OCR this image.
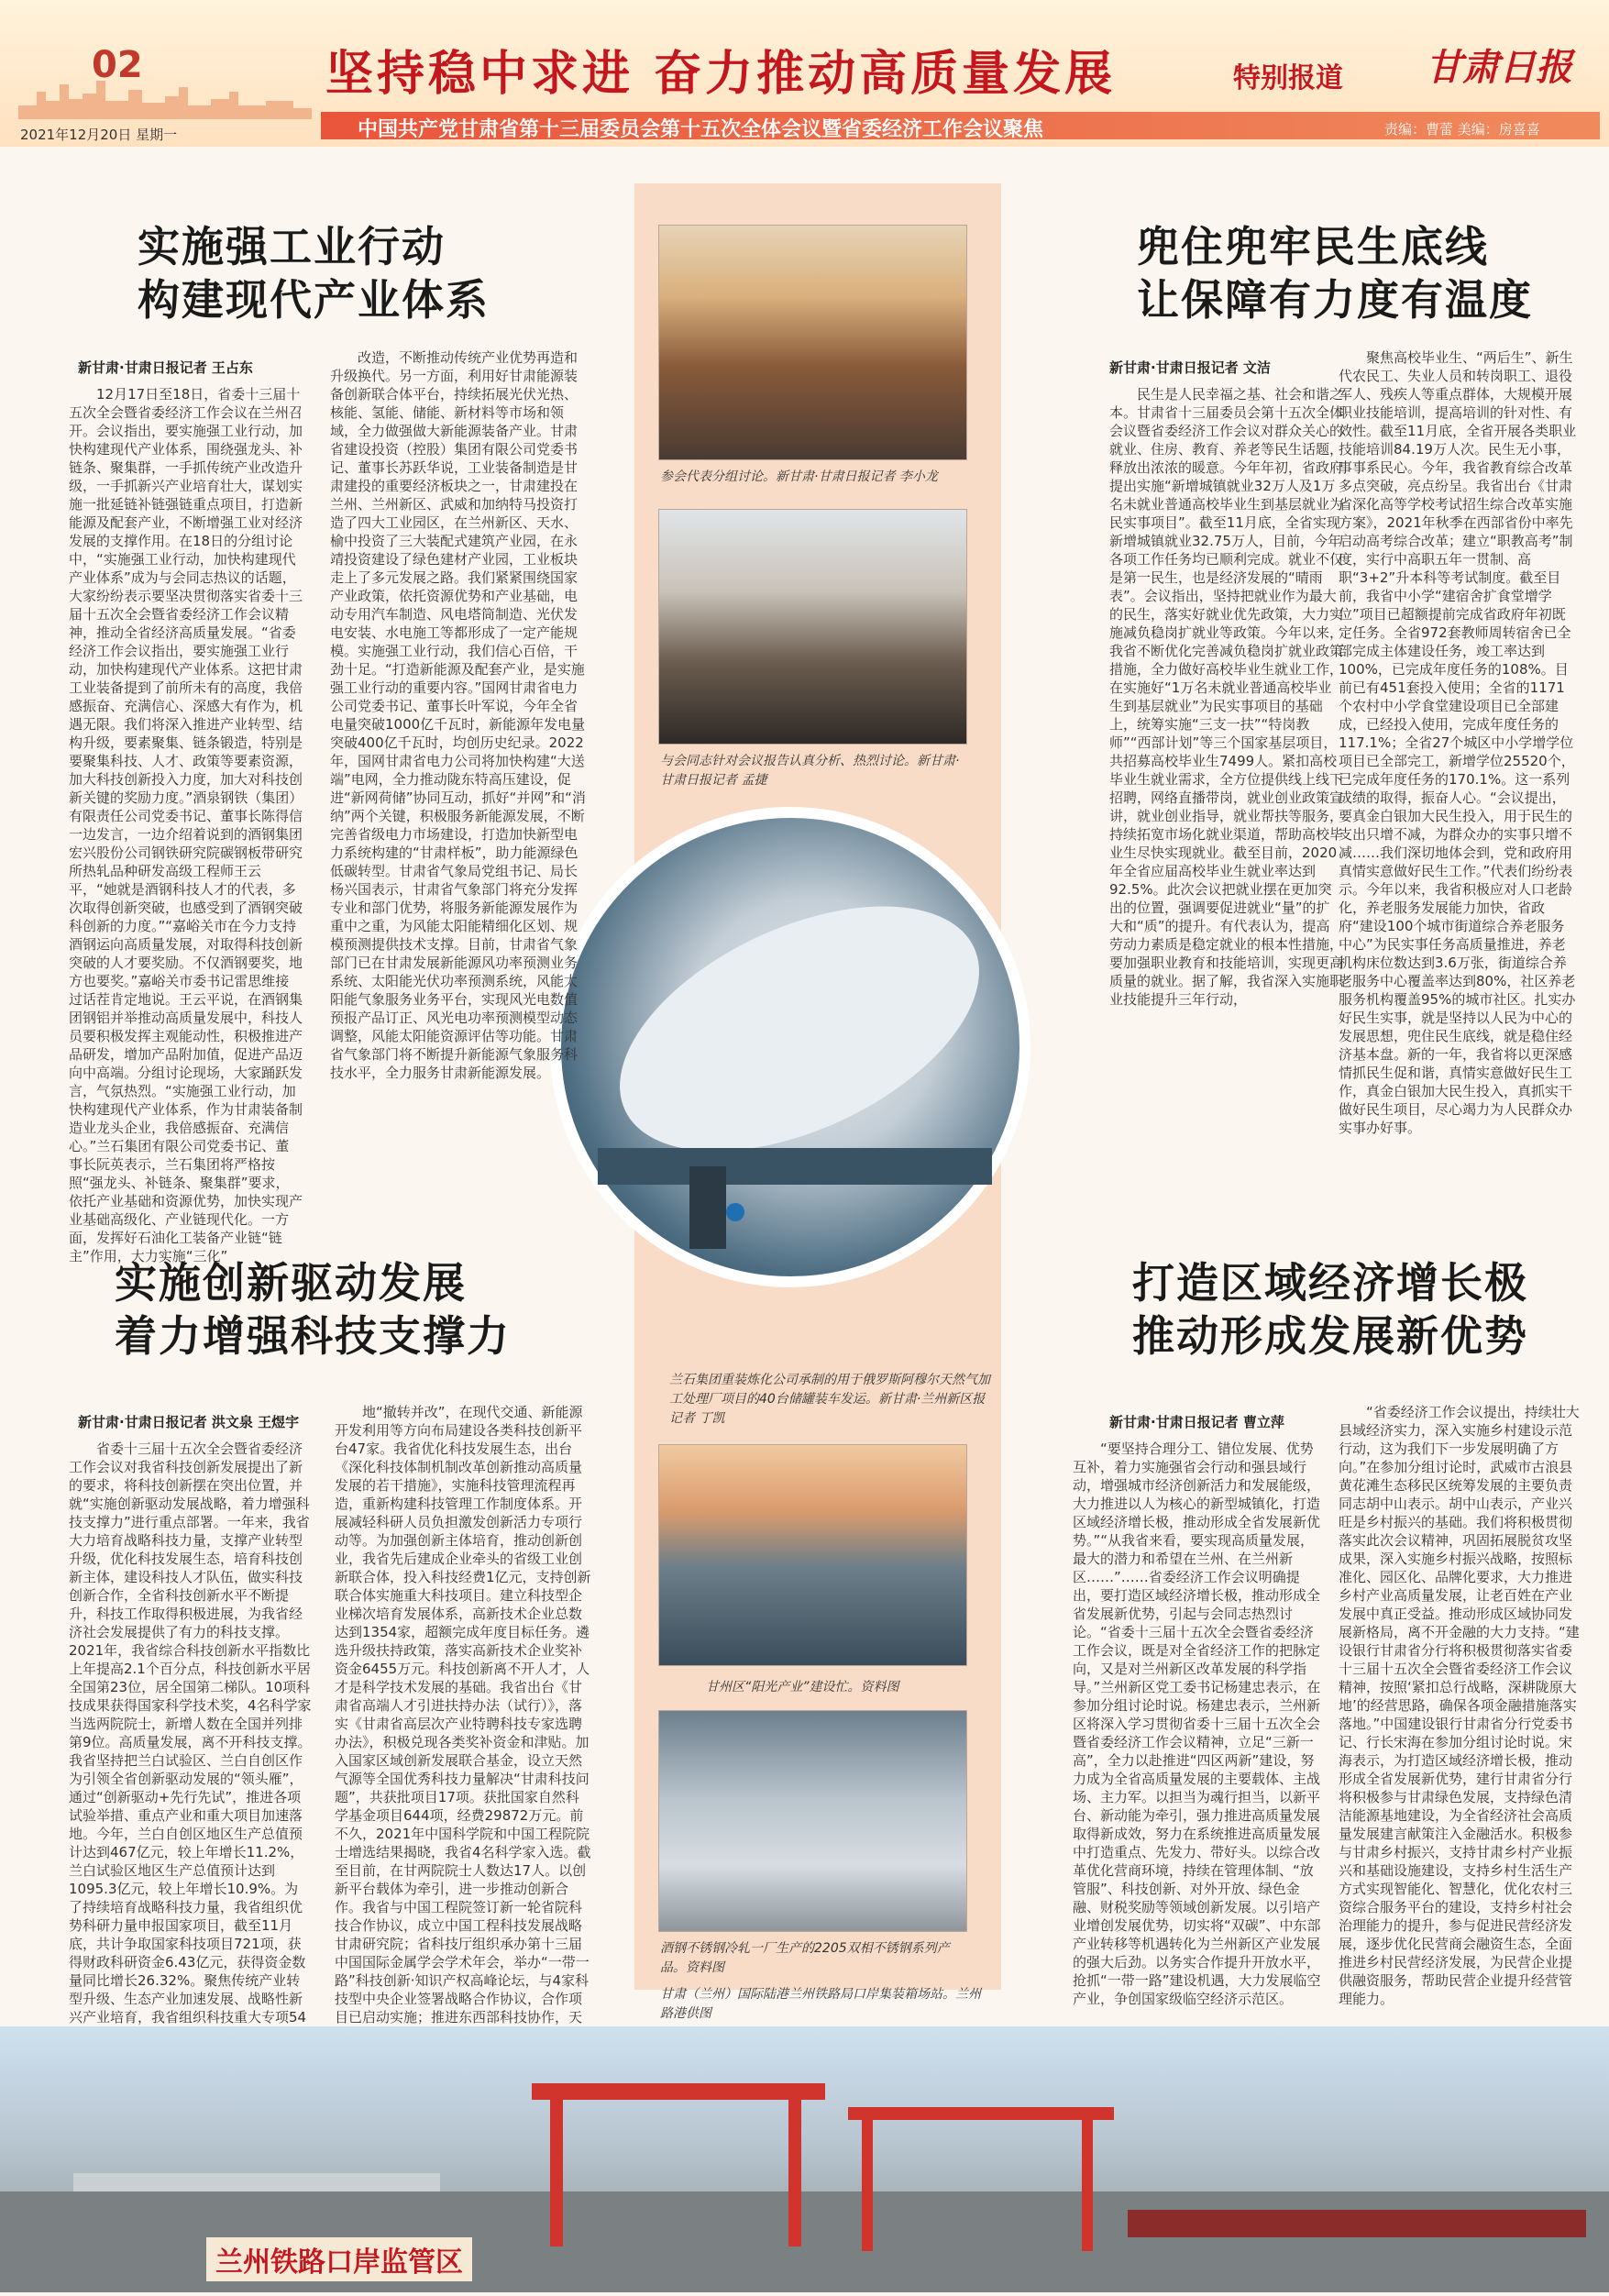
02	坚持稳中求进 奋力推动高质量发展	特别报道 甘肃日报
中国共产党甘肃省第十三届委员会第十五次全体会议暨省委经济工作会议聚焦
2021年12月20日 星期一	责编：曹蕾 美编：房喜喜
参会代表分组讨论。新甘肃·甘肃日报记者 李小龙
与会同志针对会议报告认真分析、热烈讨论。新甘肃·甘肃日报记者 孟捷
兰石集团重装炼化公司承制的用于俄罗斯阿穆尔天然气加工处理厂项目的40台储罐装车发运。新甘肃·兰州新区报记者 丁凯
甘州区“阳光产业”建设忙。资料图
酒钢不锈钢冷轧一厂生产的2205双相不锈钢系列产品。资料图
甘肃（兰州）国际陆港兰州铁路局口岸集装箱场站。兰州路港供图
实施强工业行动
构建现代产业体系
新甘肃·甘肃日报记者 王占东

12月17日至18日，省委十三届十五次全会暨省委经济工作会议在兰州召开。会议指出，要实施强工业行动，加快构建现代产业体系，围绕强龙头、补链条、聚集群，一手抓传统产业改造升级，一手抓新兴产业培育壮大，谋划实施一批延链补链强链重点项目，打造新能源及配套产业，不断增强工业对经济发展的支撑作用。在18日的分组讨论中，“实施强工业行动，加快构建现代产业体系”成为与会同志热议的话题，大家纷纷表示要坚决贯彻落实省委十三届十五次全会暨省委经济工作会议精神，推动全省经济高质量发展。“省委经济工作会议指出，要实施强工业行动，加快构建现代产业体系。这把甘肃工业装备提到了前所未有的高度，我倍感振奋、充满信心、深感大有作为，机遇无限。我们将深入推进产业转型、结构升级，要素聚集、链条锻造，特别是要聚集科技、人才、政策等要素资源，加大科技创新投入力度，加大对科技创新关键的奖励力度。”酒泉钢铁（集团）有限责任公司党委书记、董事长陈得信一边发言，一边介绍着说到的酒钢集团宏兴股份公司钢铁研究院碳钢板带研究所热轧品种研发高级工程师王云平，“她就是酒钢科技人才的代表，多次取得创新突破，也感受到了酒钢突破科创新的力度。”“嘉峪关市在今力支持酒钢运向高质量发展，对取得科技创新突破的人才要奖励。不仅酒钢要奖，地方也要奖。”嘉峪关市委书记雷思维接过话茬肯定地说。王云平说，在酒钢集团钢铝并举推动高质量发展中，科技人员要积极发挥主观能动性，积极推进产品研发，增加产品附加值，促进产品迈向中高端。分组讨论现场，大家踊跃发言，气氛热烈。“实施强工业行动，加快构建现代产业体系，作为甘肃装备制造业龙头企业，我倍感振奋、充满信心。”兰石集团有限公司党委书记、董事长阮英表示，兰石集团将严格按照“强龙头、补链条、聚集群”要求，依托产业基础和资源优势，加快实现产业基础高级化、产业链现代化。一方面，发挥好石油化工装备产业链“链主”作用，大力实施“三化”

改造，不断推动传统产业优势再造和升级换代。另一方面，利用好甘肃能源装备创新联合体平台，持续拓展光伏光热、核能、氢能、储能、新材料等市场和领域，全力做强做大新能源装备产业。甘肃省建设投资（控股）集团有限公司党委书记、董事长苏跃华说，工业装备制造是甘肃建投的重要经济板块之一，甘肃建投在兰州、兰州新区、武威和加纳特马投资打造了四大工业园区，在兰州新区、天水、榆中投资了三大装配式建筑产业园，在永靖投资建设了绿色建材产业园，工业板块走上了多元发展之路。我们紧紧围绕国家产业政策，依托资源优势和产业基础，电动专用汽车制造、风电塔筒制造、光伏发电安装、水电施工等都形成了一定产能规模。实施强工业行动，我们信心百倍，干劲十足。“打造新能源及配套产业，是实施强工业行动的重要内容。”国网甘肃省电力公司党委书记、董事长叶军说，今年全省电量突破1000亿千瓦时，新能源年发电量突破400亿千瓦时，均创历史纪录。2022年，国网甘肃省电力公司将加快构建“大送端”电网，全力推动陇东特高压建设，促进“新网荷储”协同互动，抓好“并网”和“消纳”两个关键，积极服务新能源发展，不断完善省级电力市场建设，打造加快新型电力系统构建的“甘肃样板”，助力能源绿色低碳转型。甘肃省气象局党组书记、局长杨兴国表示，甘肃省气象部门将充分发挥专业和部门优势，将服务新能源发展作为重中之重，为风能太阳能精细化区划、规模预测提供技术支撑。目前，甘肃省气象部门已在甘肃发展新能源风功率预测业务系统、太阳能光伏功率预测系统，风能太阳能气象服务业务平台，实现风光电数值预报产品订正、风光电功率预测模型动态调整，风能太阳能资源评估等功能。甘肃省气象部门将不断提升新能源气象服务科技水平，全力服务甘肃新能源发展。

兜住兜牢民生底线
让保障有力度有温度
新甘肃·甘肃日报记者 文洁

民生是人民幸福之基、社会和谐之本。甘肃省十三届委员会第十五次全体会议暨省委经济工作会议对群众关心的就业、住房、教育、养老等民生话题，释放出浓浓的暖意。今年年初，省政府提出实施“新增城镇就业32万人及1万名未就业普通高校毕业生到基层就业为民实事项目”。截至11月底，全省实现新增城镇就业32.75万人，目前，今年各项工作任务均已顺利完成。就业不仅是第一民生，也是经济发展的“晴雨表”。会议指出，坚持把就业作为最大的民生，落实好就业优先政策，大力实施减负稳岗扩就业等政策。今年以来，我省不断优化完善减负稳岗扩就业政策措施，全力做好高校毕业生就业工作，在实施好“1万名未就业普通高校毕业生到基层就业”为民实事项目的基础上，统筹实施“三支一扶”“特岗教师”“西部计划”等三个国家基层项目，共招募高校毕业生7499人。紧扣高校毕业生就业需求，全方位提供线上线下招聘，网络直播带岗，就业创业政策宣讲，就业创业指导，就业帮扶等服务，持续拓宽市场化就业渠道，帮助高校毕业生尽快实现就业。截至目前，2020年全省应届高校毕业生就业率达到92.5%。此次会议把就业摆在更加突出的位置，强调要促进就业“量”的扩大和“质”的提升。有代表认为，提高劳动力素质是稳定就业的根本性措施，要加强职业教育和技能培训，实现更高质量的就业。据了解，我省深入实施职业技能提升三年行动，

聚焦高校毕业生、“两后生”、新生代农民工、失业人员和转岗职工、退役军人、残疾人等重点群体，大规模开展职业技能培训，提高培训的针对性、有效性。截至11月底，全省开展各类职业技能培训84.19万人次。民生无小事，事事系民心。今年，我省教育综合改革多点突破，亮点纷呈。我省出台《甘肃省深化高等学校考试招生综合改革实施方案》，2021年秋季在西部省份中率先启动高考综合改革；建立“职教高考”制度，实行中高职五年一贯制、高职“3+2”升本科等考试制度。截至目前，我省中小学“建宿舍扩食堂增学位”项目已超额提前完成省政府年初既定任务。全省972套教师周转宿舍已全部完成主体建设任务，竣工率达到100%，已完成年度任务的108%。目前已有451套投入使用；全省的1171个农村中小学食堂建设项目已全部建成，已经投入使用，完成年度任务的117.1%；全省27个城区中小学增学位项目已全部完工，新增学位25520个，已完成年度任务的170.1%。这一系列成绩的取得，振奋人心。“会议提出，要真金白银加大民生投入，用于民生的支出只增不减，为群众办的实事只增不减……我们深切地体会到，党和政府用真情实意做好民生工作。”代表们纷纷表示。今年以来，我省积极应对人口老龄化，养老服务发展能力加快，省政府“建设100个城市街道综合养老服务中心”为民实事任务高质量推进，养老机构床位数达到3.6万张，街道综合养老服务中心覆盖率达到80%，社区养老服务机构覆盖95%的城市社区。扎实办好民生实事，就是坚持以人民为中心的发展思想，兜住民生底线，就是稳住经济基本盘。新的一年，我省将以更深感情抓民生促和谐，真情实意做好民生工作，真金白银加大民生投入，真抓实干做好民生项目，尽心竭力为人民群众办实事办好事。

实施创新驱动发展
着力增强科技支撑力
新甘肃·甘肃日报记者 洪文泉 王煜宇

省委十三届十五次全会暨省委经济工作会议对我省科技创新发展提出了新的要求，将科技创新摆在突出位置，并就“实施创新驱动发展战略，着力增强科技支撑力”进行重点部署。一年来，我省大力培育战略科技力量，支撑产业转型升级，优化科技发展生态，培育科技创新主体，建设科技人才队伍，做实科技创新合作，全省科技创新水平不断提升，科技工作取得积极进展，为我省经济社会发展提供了有力的科技支撑。2021年，我省综合科技创新水平指数比上年提高2.1个百分点，科技创新水平居全国第23位，居全国第二梯队。10项科技成果获得国家科学技术奖，4名科学家当选两院院士，新增人数在全国并列排第9位。高质量发展，离不开科技支撑。我省坚持把兰白试验区、兰白自创区作为引领全省创新驱动发展的“领头雁”，通过“创新驱动+先行先试”，推进各项试验举措、重点产业和重大项目加速落地。今年，兰白自创区地区生产总值预计达到467亿元，较上年增长11.2%，兰白试验区地区生产总值预计达到1095.3亿元，较上年增长10.9%。为了持续培育战略科技力量，我省组织优势科研力量申报国家项目，截至11月底，共计争取国家科技项目721项，获得财政科研资金6.43亿元，获得资金数量同比增长26.32%。聚焦传统产业转型升级、生态产业加速发展、战略性新兴产业培育，我省组织科技重大专项54

地“撤转并改”，在现代交通、新能源开发利用等方向布局建设各类科技创新平台47家。我省优化科技发展生态，出台《深化科技体制机制改革创新推动高质量发展的若干措施》，实施科技管理流程再造，重新构建科技管理工作制度体系。开展减轻科研人员负担激发创新活力专项行动等。为加强创新主体培育，推动创新创业，我省先后建成企业牵头的省级工业创新联合体，投入科技经费1亿元，支持创新联合体实施重大科技项目。建立科技型企业梯次培育发展体系，高新技术企业总数达到1354家，超额完成年度目标任务。遴选升级扶持政策，落实高新技术企业奖补资金6455万元。科技创新离不开人才，人才是科学技术发展的基础。我省出台《甘肃省高端人才引进扶持办法（试行）》，落实《甘肃省高层次产业特聘科技专家选聘办法》，积极兑现各类奖补资金和津贴。加入国家区域创新发展联合基金，设立天然气源等全国优秀科技力量解决“甘肃科技问题”，共获批项目17项。获批国家自然科学基金项目644项，经费29872万元。前不久，2021年中国科学院和中国工程院院士增选结果揭晓，我省4名科学家入选。截至目前，在甘两院院士人数达17人。以创新平台载体为牵引，进一步推动创新合作。我省与中国工程院签订新一轮省院科技合作协议，成立中国工程科技发展战略甘肃研究院；省科技厅组织承办第十三届中国国际金属学会学术年会，举办“一带一路”科技创新·知识产权高峰论坛，与4家科技型中央企业签署战略合作协议，合作项目已启动实施；推进东西部科技协作，天

打造区域经济增长极
推动形成发展新优势
新甘肃·甘肃日报记者 曹立萍

“要坚持合理分工、错位发展、优势互补，着力实施强省会行动和强县域行动，增强城市经济创新活力和发展能级，大力推进以人为核心的新型城镇化，打造区域经济增长极，推动形成全省发展新优势。”“从我省来看，要实现高质量发展，最大的潜力和希望在兰州、在兰州新区……”……省委经济工作会议明确提出，要打造区域经济增长极，推动形成全省发展新优势，引起与会同志热烈讨论。“省委十三届十五次全会暨省委经济工作会议，既是对全省经济工作的把脉定向，又是对兰州新区改革发展的科学指导。”兰州新区党工委书记杨建忠表示，在参加分组讨论时说。杨建忠表示，兰州新区将深入学习贯彻省委十三届十五次全会暨省委经济工作会议精神，立足“三新一高”，全力以赴推进“四区两新”建设，努力成为全省高质量发展的主要载体、主战场、主力军。以担当为魂行担当，以新平台、新动能为牵引，强力推进高质量发展取得新成效，努力在系统推进高质量发展中打造重点、先发力、带好头。以综合改革优化营商环境，持续在管理体制、“放管服”、科技创新、对外开放、绿色金融、财税奖励等领域创新发展。以引培产业增创发展优势，切实将“双碳”、中东部产业转移等机遇转化为兰州新区产业发展的强大后劲。以务实合作提升开放水平，抢抓“一带一路”建设机遇，大力发展临空产业，争创国家级临空经济示范区。

“省委经济工作会议提出，持续壮大县域经济实力，深入实施乡村建设示范行动，这为我们下一步发展明确了方向。”在参加分组讨论时，武威市古浪县黄花滩生态移民区统筹发展的主要负责同志胡中山表示。胡中山表示，产业兴旺是乡村振兴的基础。我们将积极贯彻落实此次会议精神，巩固拓展脱贫攻坚成果，深入实施乡村振兴战略，按照标准化、园区化、品牌化要求，大力推进乡村产业高质量发展，让老百姓在产业发展中真正受益。推动形成区域协同发展新格局，离不开金融的大力支持。“建设银行甘肃省分行将积极贯彻落实省委十三届十五次全会暨省委经济工作会议精神，按照‘紧扣总行战略，深耕陇原大地’的经营思路，确保各项金融措施落实落地。”中国建设银行甘肃省分行党委书记、行长宋海在参加分组讨论时说。宋海表示，为打造区域经济增长极，推动形成全省发展新优势，建行甘肃省分行将积极参与甘肃绿色发展，支持绿色清洁能源基地建设，为全省经济社会高质量发展建言献策注入金融活水。积极参与甘肃乡村振兴，支持甘肃乡村产业振兴和基础设施建设，支持乡村生活生产方式实现智能化、智慧化，优化农村三资综合服务平台的建设，支持乡村社会治理能力的提升，参与促进民营经济发展，逐步优化民营商会融资生态，全面推进乡村民营经济发展，为民营企业提供融资服务，帮助民营企业提升经营管理能力。

兰州铁路口岸监管区
